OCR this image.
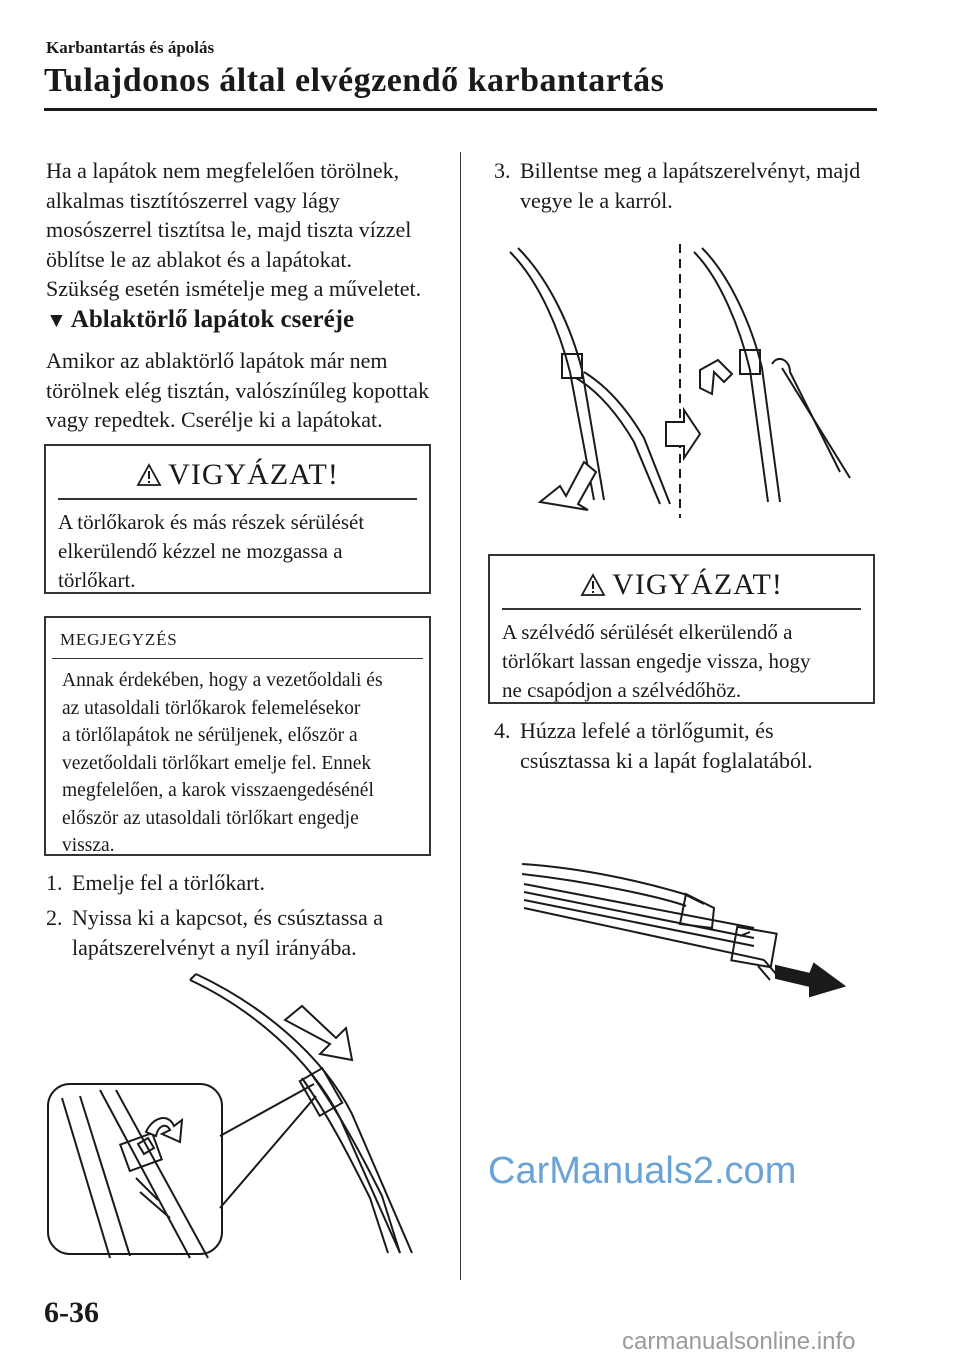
Karbantartás és ápolás
Tulajdonos által elvégzendő karbantartás

Ha a lapátok nem megfelelően törölnek,
alkalmas tisztítószerrel vagy lágy
mosószerrel tisztítsa le, majd tiszta vízzel
öblítse le az ablakot és a lapátokat.
Szükség esetén ismételje meg a műveletet.

▼ Ablaktörlő lapátok cseréje

Amikor az ablaktörlő lapátok már nem
törölnek elég tisztán, valószínűleg kopottak
vagy repedtek. Cserélje ki a lapátokat.

VIGYÁZAT!
A törlőkarok és más részek sérülését
elkerülendő kézzel ne mozgassa a
törlőkart.
MEGJEGYZÉS
Annak érdekében, hogy a vezetőoldali és
az utasoldali törlőkarok felemelésekor
a törlőlapátok ne sérüljenek, először a
vezetőoldali törlőkart emelje fel. Ennek
megfelelően, a karok visszaengedésénél
először az utasoldali törlőkart engedje
vissza.
1. Emelje fel a törlőkart.
2. Nyissa ki a kapcsot, és csúsztassa a
lapátszerelvényt a nyíl irányába.
3. Billentse meg a lapátszerelvényt, majd
vegye le a karról.
VIGYÁZAT!
A szélvédő sérülését elkerülendő a
törlőkart lassan engedje vissza, hogy
ne csapódjon a szélvédőhöz.
4. Húzza lefelé a törlőgumit, és
csúsztassa ki a lapát foglalatából.
CarManuals2.com
6-36
carmanualsonline.info
